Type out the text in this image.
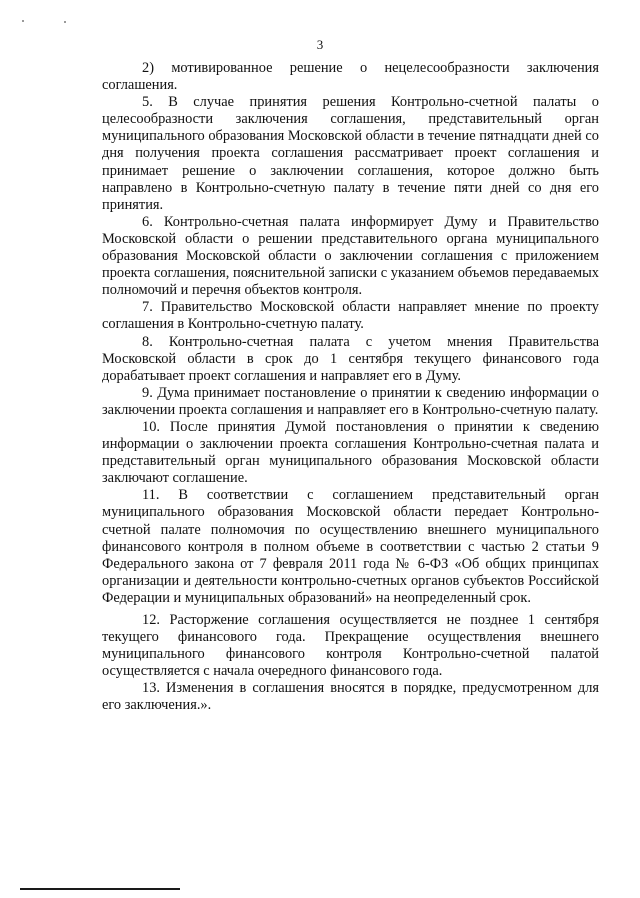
3

2) мотивированное решение о нецелесообразности заключения соглашения.

5. В случае принятия решения Контрольно-счетной палаты о целесообразности заключения соглашения, представительный орган муниципального образования Московской области в течение пятнадцати дней со дня получения проекта соглашения рассматривает проект соглашения и принимает решение о заключении соглашения, которое должно быть направлено в Контрольно-счетную палату в течение пяти дней со дня его принятия.

6. Контрольно-счетная палата информирует Думу и Правительство Московской области о решении представительного органа муниципального образования Московской области о заключении соглашения с приложением проекта соглашения, пояснительной записки с указанием объемов передаваемых полномочий и перечня объектов контроля.

7. Правительство Московской области направляет мнение по проекту соглашения в Контрольно-счетную палату.

8. Контрольно-счетная палата с учетом мнения Правительства Московской области в срок до 1 сентября текущего финансового года дорабатывает проект соглашения и направляет его в Думу.

9. Дума принимает постановление о принятии к сведению информации о заключении проекта соглашения и направляет его в Контрольно-счетную палату.

10. После принятия Думой постановления о принятии к сведению информации о заключении проекта соглашения Контрольно-счетная палата и представительный орган муниципального образования Московской области заключают соглашение.

11. В соответствии с соглашением представительный орган муниципального образования Московской области передает Контрольно-счетной палате полномочия по осуществлению внешнего муниципального финансового контроля в полном объеме в соответствии с частью 2 статьи 9 Федерального закона от 7 февраля 2011 года № 6-ФЗ «Об общих принципах организации и деятельности контрольно-счетных органов субъектов Российской Федерации и муниципальных образований» на неопределенный срок.

12. Расторжение соглашения осуществляется не позднее 1 сентября текущего финансового года. Прекращение осуществления внешнего муниципального финансового контроля Контрольно-счетной палатой осуществляется с начала очередного финансового года.

13. Изменения в соглашения вносятся в порядке, предусмотренном для его заключения.».
